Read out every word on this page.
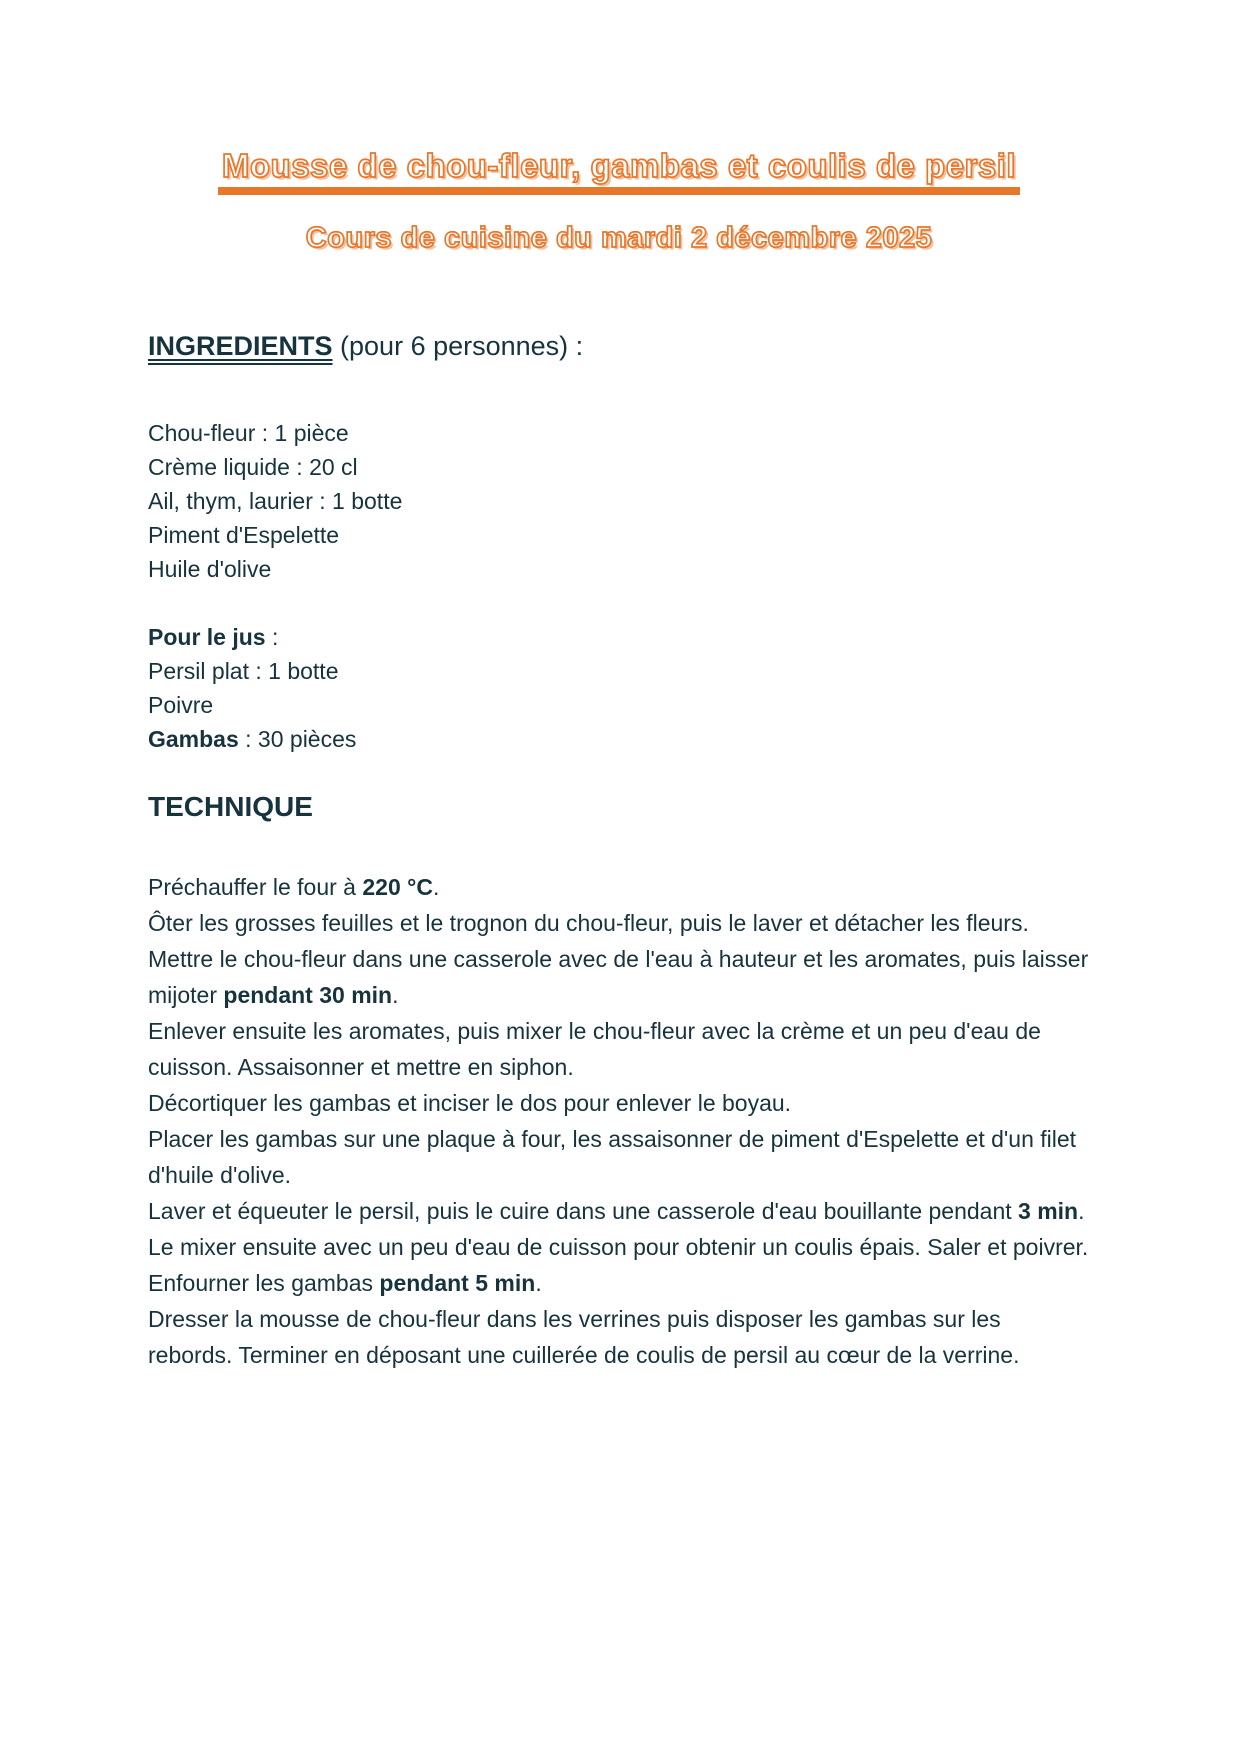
Mousse de chou-fleur, gambas et coulis de persil
Cours de cuisine du mardi 2 décembre 2025

INGREDIENTS (pour 6 personnes) :

Chou-fleur : 1 pièce

Crème liquide : 20 cl

Ail, thym, laurier : 1 botte

Piment d'Espelette

Huile d'olive

Pour le jus :

Persil plat : 1 botte

Poivre

Gambas : 30 pièces

TECHNIQUE

Préchauffer le four à 220 °C.

Ôter les grosses feuilles et le trognon du chou-fleur, puis le laver et détacher les fleurs.

Mettre le chou-fleur dans une casserole avec de l'eau à hauteur et les aromates, puis laisser mijoter pendant 30 min.

Enlever ensuite les aromates, puis mixer le chou-fleur avec la crème et un peu d'eau de cuisson. Assaisonner et mettre en siphon.

Décortiquer les gambas et inciser le dos pour enlever le boyau.

Placer les gambas sur une plaque à four, les assaisonner de piment d'Espelette et d'un filet d'huile d'olive.

Laver et équeuter le persil, puis le cuire dans une casserole d'eau bouillante pendant 3 min. Le mixer ensuite avec un peu d'eau de cuisson pour obtenir un coulis épais. Saler et poivrer.

Enfourner les gambas pendant 5 min.

Dresser la mousse de chou-fleur dans les verrines puis disposer les gambas sur les rebords. Terminer en déposant une cuillerée de coulis de persil au cœur de la verrine.
